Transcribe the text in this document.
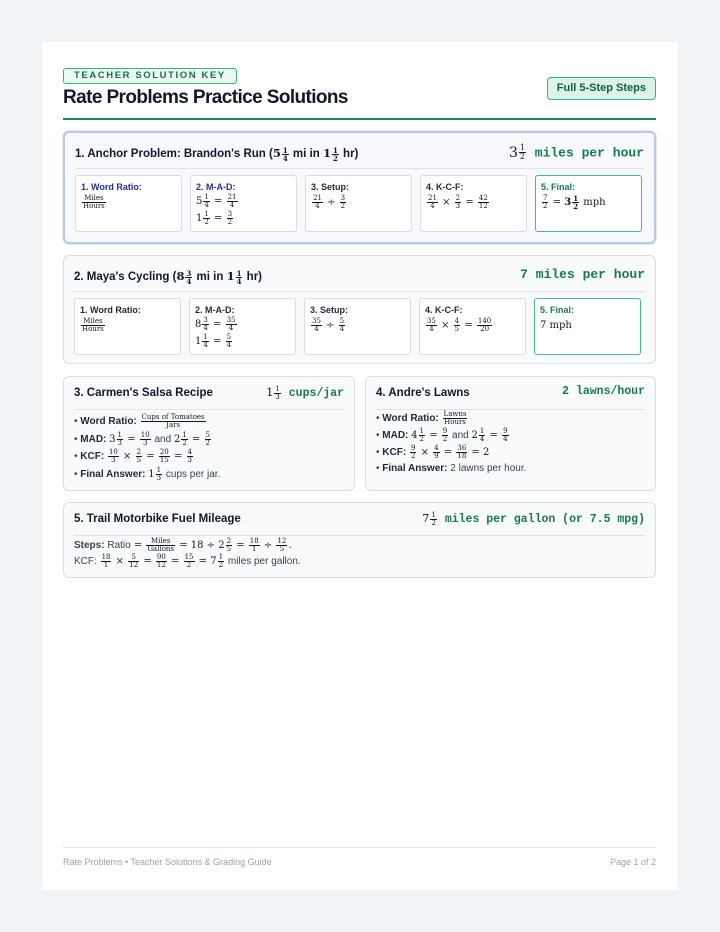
TEACHER SOLUTION KEY
Rate Problems Practice Solutions	Full 5-Step Steps
1. Anchor Problem: Brandon's Run ($5 \frac{1}{4}$ mi in $1 \frac{1}{2} hr$)	$3 \frac{1}{2}$ miles per hour
1. Word Ratio:
$\frac{\text{Miles}}{\text{Hours}}$
2. M-A-D:
$5 \frac{1}{4} = \frac{21}{4}$
$1 \frac{1}{2} = \frac{3}{2}$
3. Setup:
$\frac{21}{4} \div \frac{3}{2}$
4. K-C-F:
$\frac{21}{4} \times \frac{2}{3} = \frac{42}{12}$
5. Final:
$\frac{7}{2} = 3 \frac{1}{2}$ mph
2. Maya's Cycling ($8 \frac{3}{4}$ mi in $1 \frac{1}{4} hr$)	7 miles per hour
1. Word Ratio:
$\frac{\text{Miles}}{\text{Hours}}$
2. M-A-D:
$8 \frac{3}{4} = \frac{35}{4}$
$1 \frac{1}{4} = \frac{5}{4}$
3. Setup:
$\frac{35}{4} \div \frac{5}{4}$
4. K-C-F:
$\frac{35}{4} \times \frac{4}{5} = \frac{140}{20}$
5. Final:
7 mph
3. Carmen's Salsa Recipe	$1 \frac{1}{3}$ cups/jar
• Word Ratio: $\frac{\text{Cups of Tomatoes}}{\text{Jars}}$
• MAD: $3 \frac{1}{3} = \frac{10}{3}$ and $2 \frac{1}{2} = \frac{5}{2}$
• KCF: $\frac{10}{3} \times \frac{2}{5} = \frac{20}{15} = \frac{4}{3}$
• Final Answer: $1 \frac{1}{3}$ cups per jar.
4. Andre's Lawns	2 lawns/hour
• Word Ratio: $\frac{\text{Lawns}}{\text{Hours}}$
• MAD: $4 \frac{1}{2} = \frac{9}{2}$ and $2 \frac{1}{4} = \frac{9}{4}$
• KCF: $\frac{9}{2} \times \frac{4}{9} = \frac{36}{18} = 2$
• Final Answer: 2 lawns per hour.
5. Trail Motorbike Fuel Mileage	$7 \frac{1}{2}$ miles per gallon (or 7.5 mpg)
Steps: Ratio = $\frac{\text{Miles}}{\text{Gallons}} = 18 \div 2 \frac{2}{5} = \frac{18}{1} \div \frac{12}{5}$ .
KCF: $\frac{18}{1} \times \frac{5}{12} = \frac{90}{12} = \frac{15}{2} = 7 \frac{1}{2}$ miles per gallon.
Rate Problems • Teacher Solutions & Grading Guide	Page 1 of 2
